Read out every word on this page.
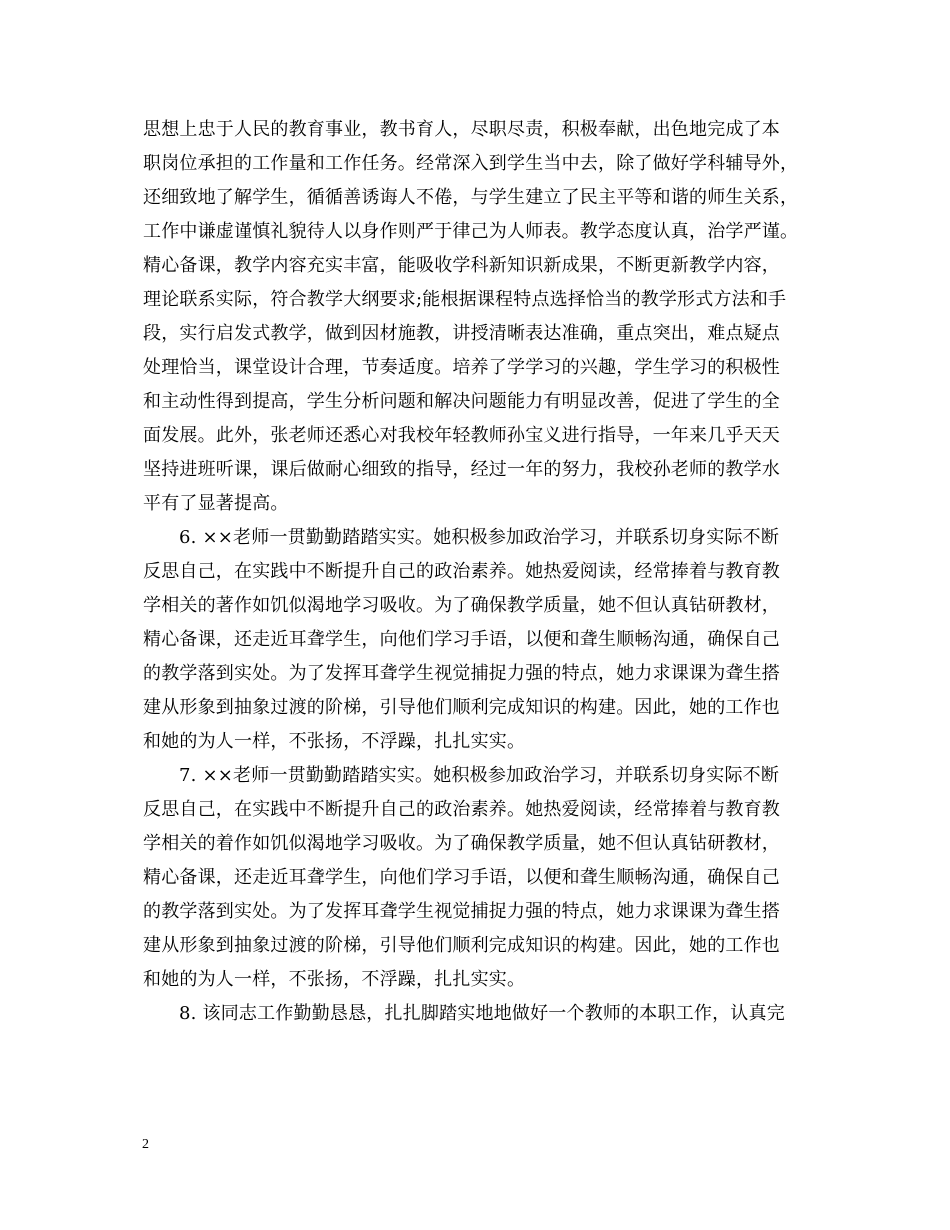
思想上忠于人民的教育事业，教书育人，尽职尽责，积极奉献，出色地完成了本
职岗位承担的工作量和工作任务。经常深入到学生当中去，除了做好学科辅导外，
还细致地了解学生，循循善诱诲人不倦，与学生建立了民主平等和谐的师生关系，
工作中谦虚谨慎礼貌待人以身作则严于律己为人师表。教学态度认真，治学严谨。
精心备课，教学内容充实丰富，能吸收学科新知识新成果，不断更新教学内容，
理论联系实际，符合教学大纲要求;能根据课程特点选择恰当的教学形式方法和手
段，实行启发式教学，做到因材施教，讲授清晰表达准确，重点突出，难点疑点
处理恰当，课堂设计合理，节奏适度。培养了学学习的兴趣，学生学习的积极性
和主动性得到提高，学生分析问题和解决问题能力有明显改善，促进了学生的全
面发展。此外，张老师还悉心对我校年轻教师孙宝义进行指导，一年来几乎天天
坚持进班听课，课后做耐心细致的指导，经过一年的努力，我校孙老师的教学水
平有了显著提高。
6. ××老师一贯勤勤踏踏实实。她积极参加政治学习，并联系切身实际不断
反思自己，在实践中不断提升自己的政治素养。她热爱阅读，经常捧着与教育教
学相关的著作如饥似渴地学习吸收。为了确保教学质量，她不但认真钻研教材，
精心备课，还走近耳聋学生，向他们学习手语，以便和聋生顺畅沟通，确保自己
的教学落到实处。为了发挥耳聋学生视觉捕捉力强的特点，她力求课课为聋生搭
建从形象到抽象过渡的阶梯，引导他们顺利完成知识的构建。因此，她的工作也
和她的为人一样，不张扬，不浮躁，扎扎实实。
7. ××老师一贯勤勤踏踏实实。她积极参加政治学习，并联系切身实际不断
反思自己，在实践中不断提升自己的政治素养。她热爱阅读，经常捧着与教育教
学相关的着作如饥似渴地学习吸收。为了确保教学质量，她不但认真钻研教材，
精心备课，还走近耳聋学生，向他们学习手语，以便和聋生顺畅沟通，确保自己
的教学落到实处。为了发挥耳聋学生视觉捕捉力强的特点，她力求课课为聋生搭
建从形象到抽象过渡的阶梯，引导他们顺利完成知识的构建。因此，她的工作也
和她的为人一样，不张扬，不浮躁，扎扎实实。
8. 该同志工作勤勤恳恳，扎扎脚踏实地地做好一个教师的本职工作，认真完
2
